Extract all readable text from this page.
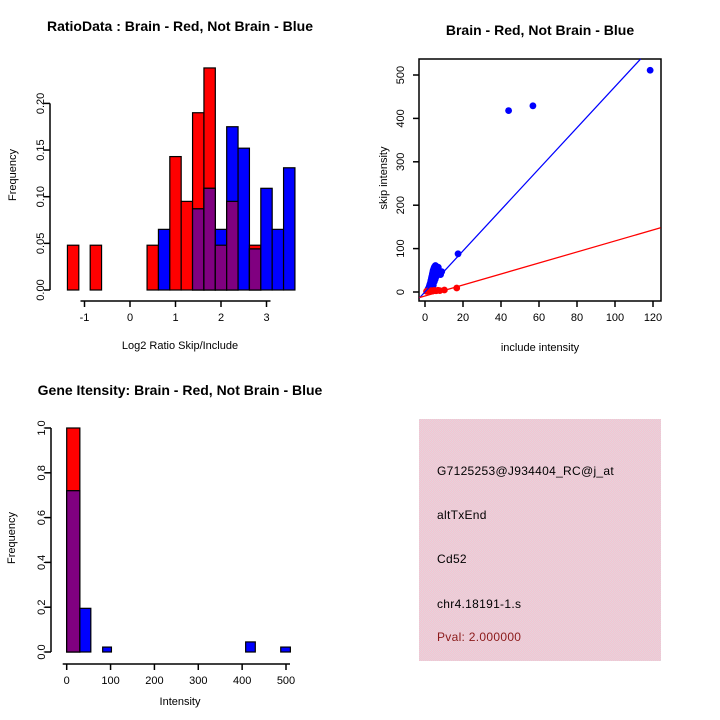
RatioData : Brain - Red, Not Brain - Blue
Frequency
Log2 Ratio Skip/Include
-1	0	1	2	3
0.00
0.05
0.10
0.15
0.20
Brain - Red, Not Brain - Blue
skip intensity
include intensity
0	20 40 60 80 100 120
0
100
200
300
400
500
Gene Itensity: Brain - Red, Not Brain - Blue
Frequency
Intensity
0	100 200 300 400 500
0.0
0.2
0.4
0.6
0.8
1.0
G7125253@J934404_RC@j_at
altTxEnd
Cd52
chr4.18191-1.s
Pval: 2.000000
